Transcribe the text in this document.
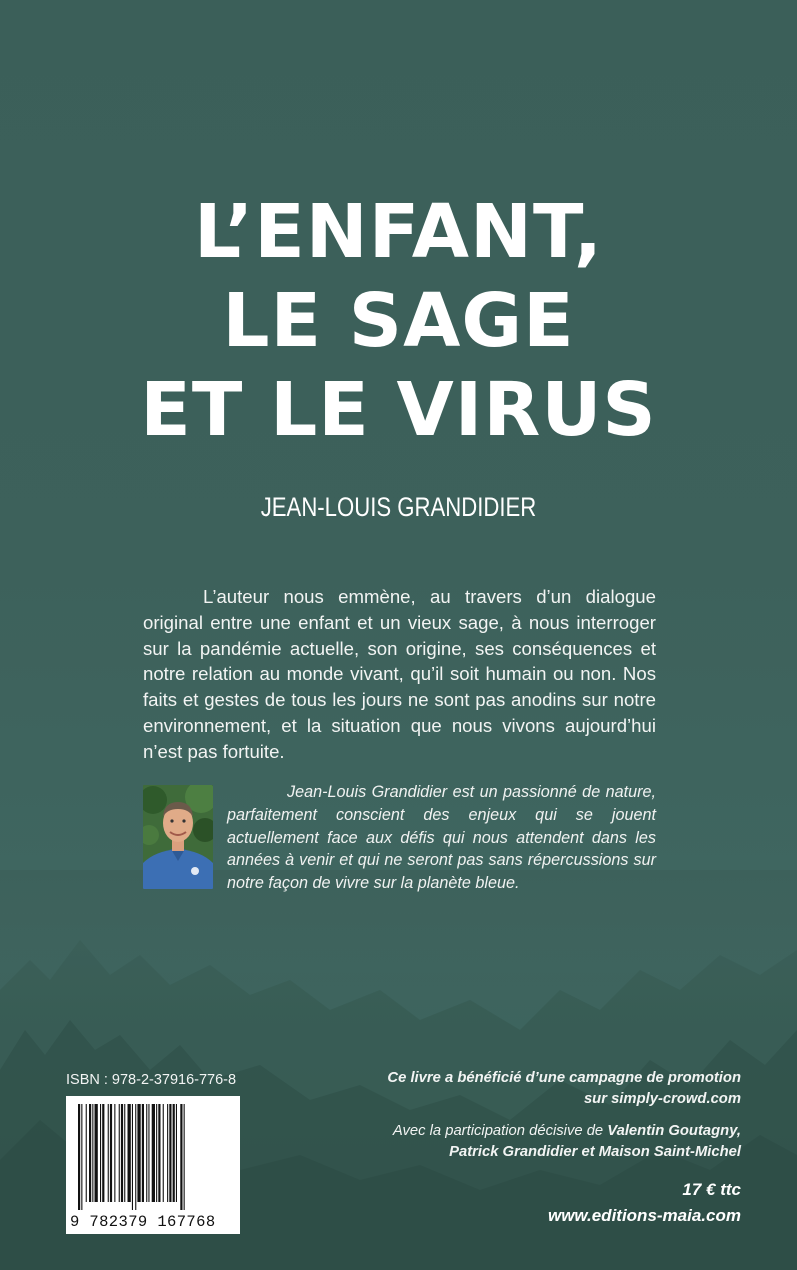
L’ENFANT,
LE SAGE
ET LE VIRUS
JEAN-LOUIS GRANDIDIER

L’auteur nous emmène, au travers d’un dialogue original entre une enfant et un vieux sage, à nous interroger sur la pandémie actuelle, son origine, ses conséquences et notre relation au monde vivant, qu’il soit humain ou non. Nos faits et gestes de tous les jours ne sont pas anodins sur notre environnement, et la situation que nous vivons aujourd’hui n’est pas fortuite.

Jean-Louis Grandidier est un passionné de nature, parfaitement conscient des enjeux qui se jouent actuellement face aux défis qui nous attendent dans les années à venir et qui ne seront pas sans répercussions sur notre façon de vivre sur la planète bleue.

ISBN : 978-2-37916-776-8
9 782379 167768
Ce livre a bénéficié d’une campagne de promotion
sur simply-crowd.com
Avec la participation décisive de Valentin Goutagny,
Patrick Grandidier et Maison Saint-Michel
17 € ttc
www.editions-maia.com
